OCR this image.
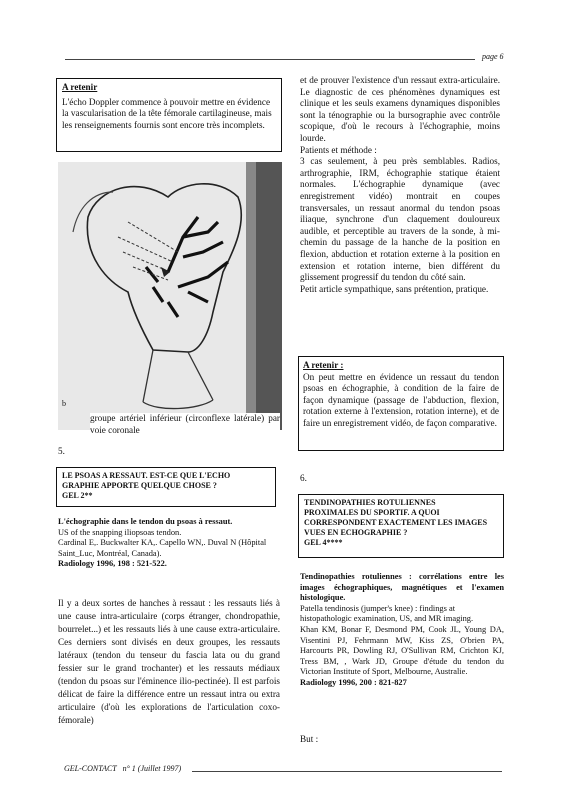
page 6
A retenir
L'écho Doppler commence à pouvoir mettre en évidence la vascularisation de la tête fémorale cartilagineuse, mais les renseignements fournis sont encore très incomplets.
b
groupe artériel inférieur (circonflexe latérale) par voie coronale
5.
LE PSOAS A RESSAUT. EST-CE QUE L'ECHO
GRAPHIE APPORTE QUELQUE CHOSE ?
GEL 2**
L'échographie dans le tendon du psoas à ressaut.
US of the snapping iliopsoas tendon.
Cardinal E,. Buckwalter KA,. Capello WN,. Duval N (Hôpital Saint_Luc, Montréal, Canada).
Radiology 1996, 198 : 521-522.
Il y a deux sortes de hanches à ressaut : les ressauts liés à une cause intra-articulaire (corps étranger, chondropathie, bourrelet...) et les ressauts liés à une cause extra-articulaire. Ces derniers sont divisés en deux groupes, les ressauts latéraux (tendon du tenseur du fascia lata ou du grand fessier sur le grand trochanter) et les ressauts médiaux (tendon du psoas sur l'éminence ilio-pectinée). Il est parfois délicat de faire la différence entre un ressaut intra ou extra articulaire (d'où les explorations de l'articulation coxo-fémorale)

et de prouver l'existence d'un ressaut extra-articulaire. Le diagnostic de ces phénomènes dynamiques est clinique et les seuls examens dynamiques disponibles sont la ténographie ou la bursographie avec contrôle scopique, d'où le recours à l'échographie, moins lourde.

Patients et méthode :

3 cas seulement, à peu près semblables. Radios, arthrographie, IRM, échographie statique étaient normales. L'échographie dynamique (avec enregistrement vidéo) montrait en coupes transversales, un ressaut anormal du tendon psoas iliaque, synchrone d'un claquement douloureux audible, et perceptible au travers de la sonde, à mi-chemin du passage de la hanche de la position en flexion, abduction et rotation externe à la position en extension et rotation interne, bien différent du glissement progressif du tendon du côté sain.

Petit article sympathique, sans prétention, pratique.

A retenir :
On peut mettre en évidence un ressaut du tendon psoas en échographie, à condition de la faire de façon dynamique (passage de l'abduction, flexion, rotation externe à l'extension, rotation interne), et de faire un enregistrement vidéo, de façon comparative.
6.
TENDINOPATHIES ROTULIENNES
PROXIMALES DU SPORTIF. A QUOI
CORRESPONDENT EXACTEMENT LES IMAGES
VUES EN ECHOGRAPHIE ?
GEL 4****
Tendinopathies rotuliennes : corrélations entre les images échographiques, magnétiques et l'examen histologique.
Patella tendinosis (jumper's knee) : findings at histopathologic examination, US, and MR imaging.
Khan KM, Bonar F, Desmond PM, Cook JL, Young DA, Visentini PJ, Fehrmann MW, Kiss ZS, O'brien PA, Harcourts PR, Dowling RJ, O'Sullivan RM, Crichton KJ, Tress BM, , Wark JD, Groupe d'étude du tendon du Victorian Institute of Sport, Melbourne, Australie.
Radiology 1996, 200 : 821-827
But :
GEL-CONTACT   n° 1 (Juillet 1997)
